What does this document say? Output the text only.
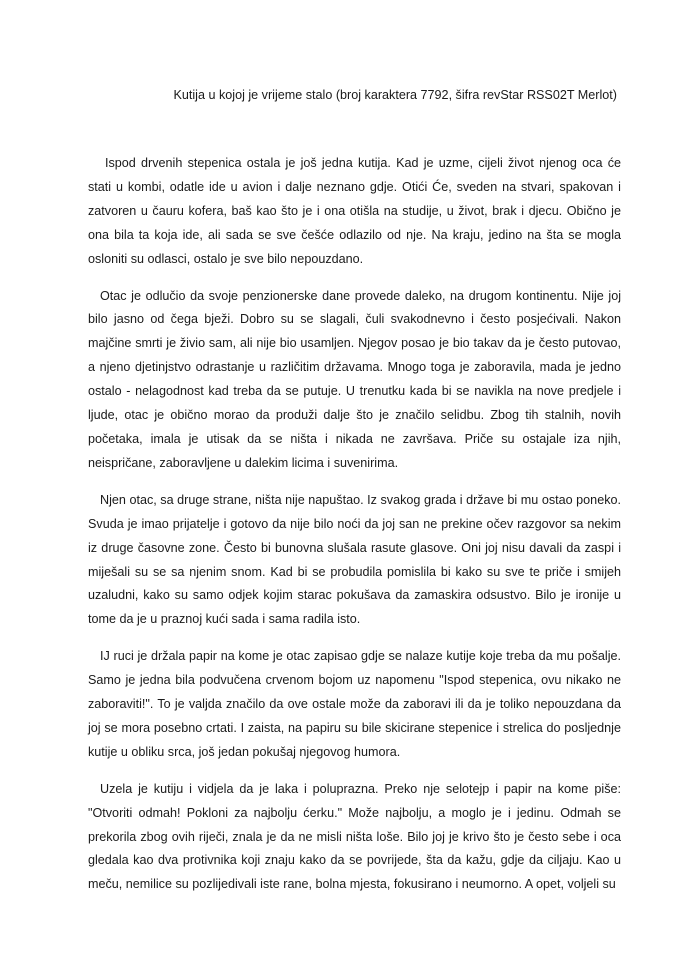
Kutija u kojoj je vrijeme stalo (broj karaktera 7792, šifra revStar RSS02T Merlot)

Ispod drvenih stepenica ostala je još jedna kutija. Kad je uzme, cijeli život njenog oca će stati u kombi, odatle ide u avion i dalje neznano gdje. Otići Će, sveden na stvari, spakovan i zatvoren u čauru kofera, baš kao što je i ona otišla na studije, u život, brak i djecu. Obično je ona bila ta koja ide, ali sada se sve češće odlazilo od nje. Na kraju, jedino na šta se mogla osloniti su odlasci, ostalo je sve bilo nepouzdano.

Otac je odlučio da svoje penzionerske dane provede daleko, na drugom kontinentu. Nije joj bilo jasno od čega bježi. Dobro su se slagali, čuli svakodnevno i često posjećivali. Nakon majčine smrti je živio sam, ali nije bio usamljen. Njegov posao je bio takav da je često putovao, a njeno djetinjstvo odrastanje u različitim državama. Mnogo toga je zaboravila, mada je jedno ostalo - nelagodnost kad treba da se putuje. U trenutku kada bi se navikla na nove predjele i ljude, otac je obično morao da produži dalje što je značilo selidbu. Zbog tih stalnih, novih početaka, imala je utisak da se ništa i nikada ne završava. Priče su ostajale iza njih, neispričane, zaboravljene u dalekim licima i suvenirima.

Njen otac, sa druge strane, ništa nije napuštao. Iz svakog grada i države bi mu ostao poneko. Svuda je imao prijatelje i gotovo da nije bilo noći da joj san ne prekine očev razgovor sa nekim iz druge časovne zone. Često bi bunovna slušala rasute glasove. Oni joj nisu davali da zaspi i miješali su se sa njenim snom. Kad bi se probudila pomislila bi kako su sve te priče i smijeh uzaludni, kako su samo odjek kojim starac pokušava da zamaskira odsustvo. Bilo je ironije u tome da je u praznoj kući sada i sama radila isto.

IJ ruci je držala papir na kome je otac zapisao gdje se nalaze kutije koje treba da mu pošalje. Samo je jedna bila podvučena crvenom bojom uz napomenu "Ispod stepenica, ovu nikako ne zaboraviti!". To je valjda značilo da ove ostale može da zaboravi ili da je toliko nepouzdana da joj se mora posebno crtati. I zaista, na papiru su bile skicirane stepenice i strelica do posljednje kutije u obliku srca, još jedan pokušaj njegovog humora.

Uzela je kutiju i vidjela da je laka i poluprazna. Preko nje selotejp i papir na kome piše: "Otvoriti odmah! Pokloni za najbolju ćerku." Može najbolju, a moglo je i jedinu. Odmah se prekorila zbog ovih riječi, znala je da ne misli ništa loše. Bilo joj je krivo što je često sebe i oca gledala kao dva protivnika koji znaju kako da se povrijede, šta da kažu, gdje da ciljaju. Kao u meču, nemilice su pozlijedivali iste rane, bolna mjesta, fokusirano i neumorno. A opet, voljeli su
